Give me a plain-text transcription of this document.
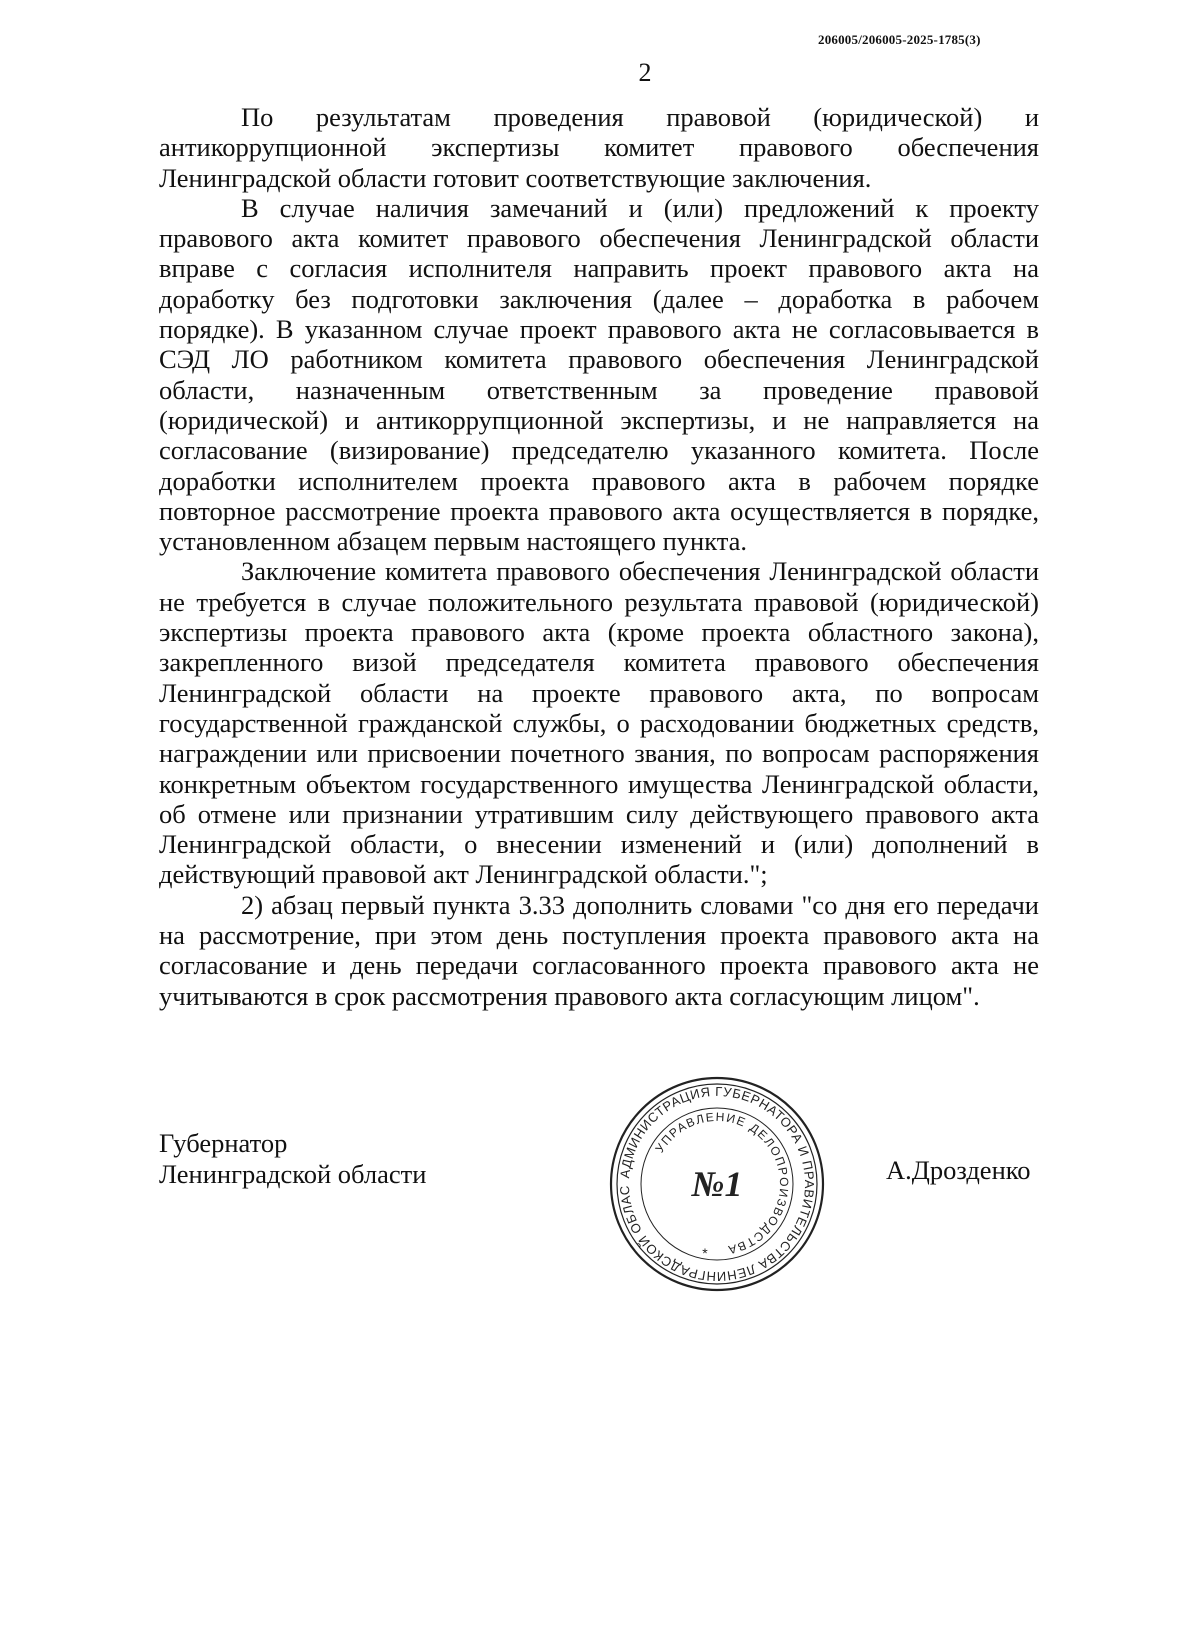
206005/206005-2025-1785(3)
2

По результатам проведения правовой (юридической) и антикоррупционной экспертизы комитет правового обеспечения Ленинградской области готовит соответствующие заключения.

В случае наличия замечаний и (или) предложений к проекту правового акта комитет правового обеспечения Ленинградской области вправе с согласия исполнителя направить проект правового акта на доработку без подготовки заключения (далее – доработка в рабочем порядке). В указанном случае проект правового акта не согласовывается в СЭД ЛО работником комитета правового обеспечения Ленинградской области, назначенным ответственным за проведение правовой (юридической) и антикоррупционной экспертизы, и не направляется на согласование (визирование) председателю указанного комитета. После доработки исполнителем проекта правового акта в рабочем порядке повторное рассмотрение проекта правового акта осуществляется в порядке, установленном абзацем первым настоящего пункта.

Заключение комитета правового обеспечения Ленинградской области не требуется в случае положительного результата правовой (юридической) экспертизы проекта правового акта (кроме проекта областного закона), закрепленного визой председателя комитета правового обеспечения Ленинградской области на проекте правового акта, по вопросам государственной гражданской службы, о расходовании бюджетных средств, награждении или присвоении почетного звания, по вопросам распоряжения конкретным объектом государственного имущества Ленинградской области, об отмене или признании утратившим силу действующего правового акта Ленинградской области, о внесении изменений и (или) дополнений в действующий правовой акт Ленинградской области.";

2) абзац первый пункта 3.33 дополнить словами "со дня его передачи на рассмотрение, при этом день поступления проекта правового акта на согласование и день передачи согласованного проекта правового акта не учитываются в срок рассмотрения правового акта согласующим лицом".

Губернатор
Ленинградской области	АДМИНИСТРАЦИЯ ГУБЕРНАТОРА И ПРАВИТЕЛЬСТВА ЛЕНИНГРАДСКОЙ ОБЛАС
УПРАВЛЕНИЕ ДЕЛОПРОИЗВОДСТВА
№1
*
А.Дрозденко
